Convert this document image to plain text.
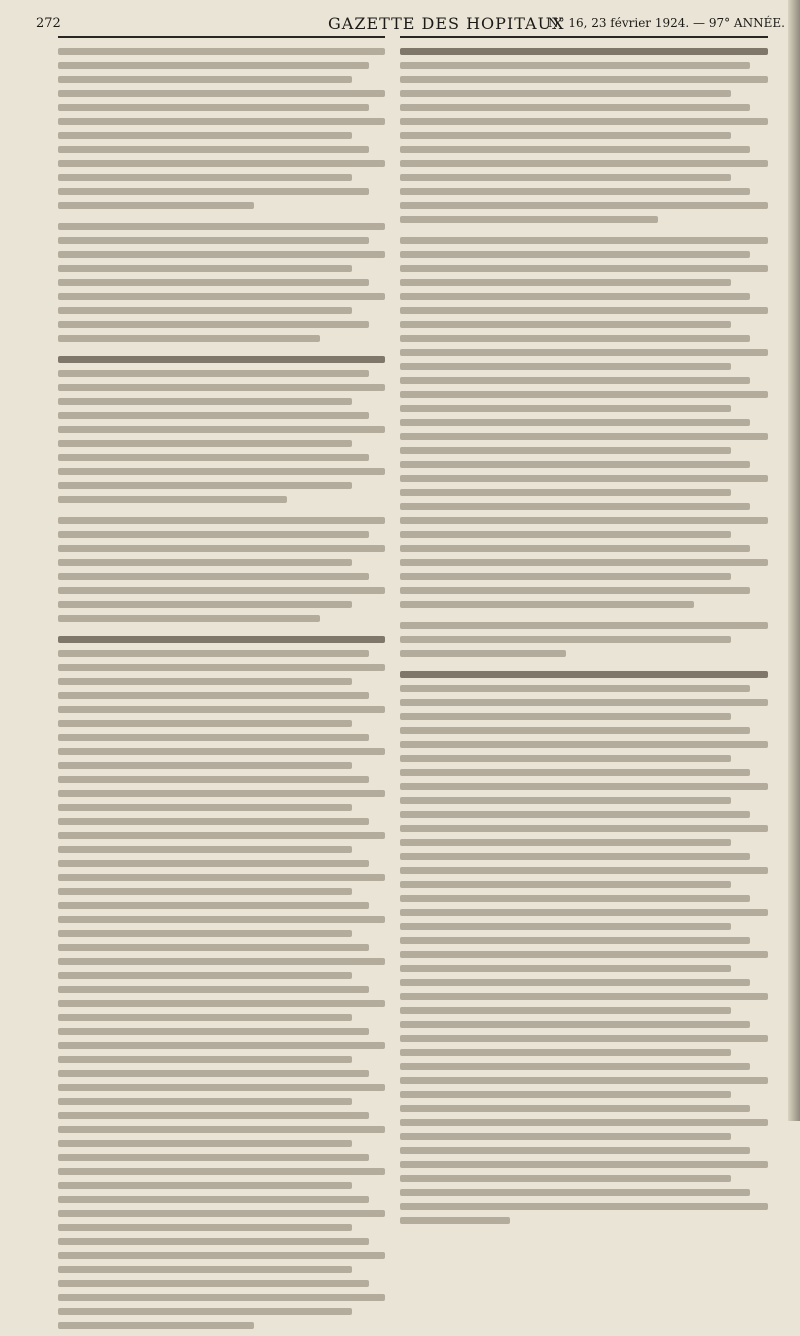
272	GAZETTE DES HOPITAUX
N° 16, 23 février 1924. — 97° ANNÉE.
